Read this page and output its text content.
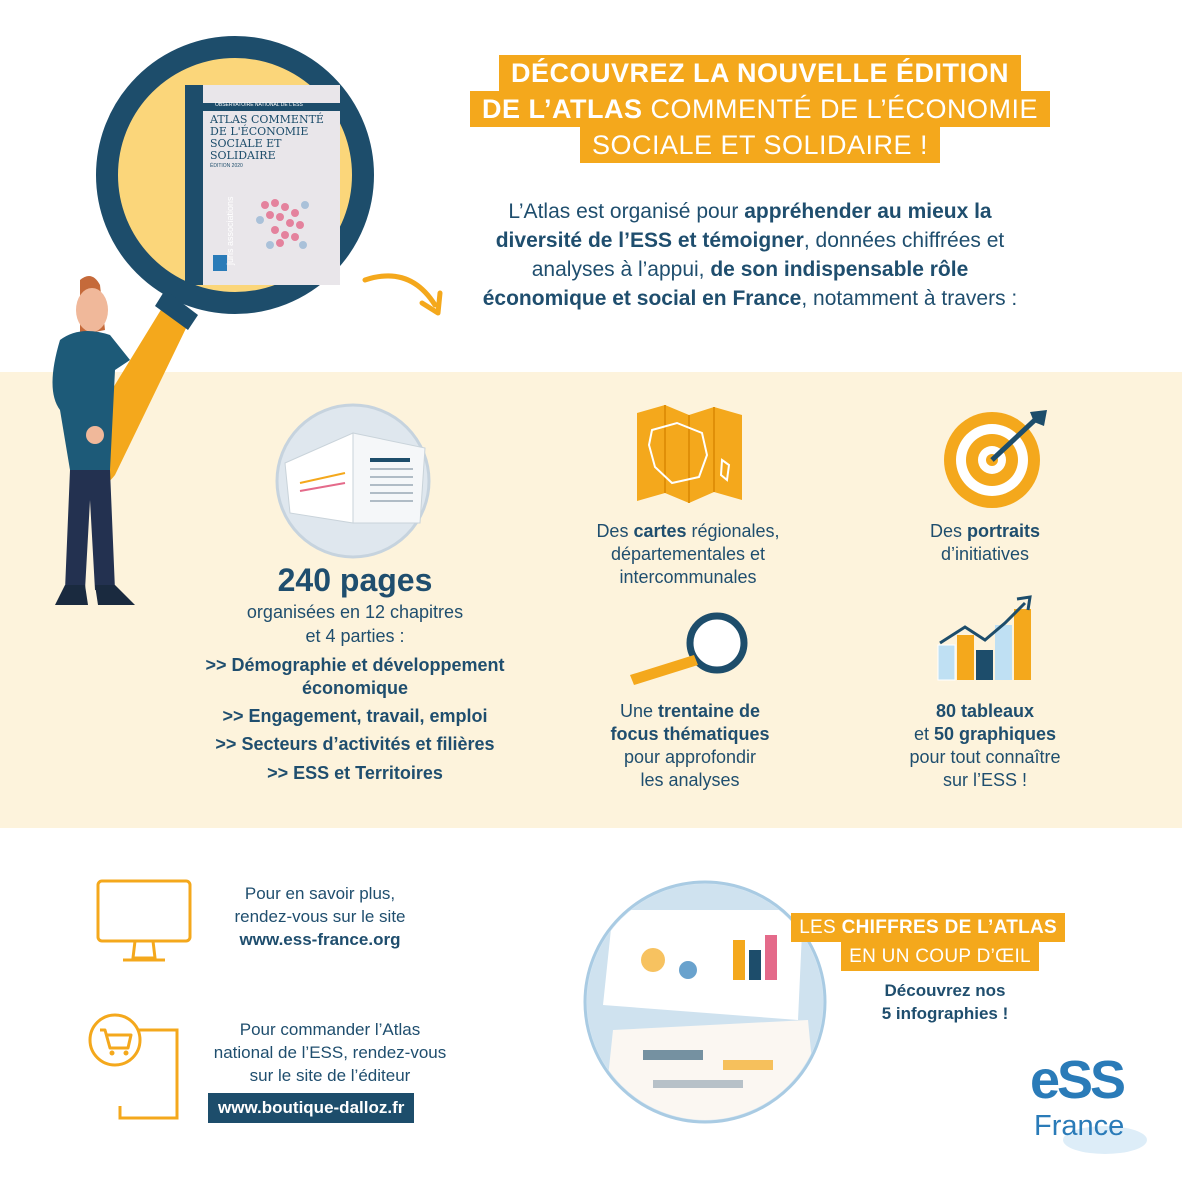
OBSERVATOIRE NATIONAL DE L'ESS
ATLAS COMMENTÉ DE L'ÉCONOMIE SOCIALE ET SOLIDAIRE
ÉDITION 2020
juris associations
DÉCOUVREZ LA NOUVELLE ÉDITION
DE L’ATLAS COMMENTÉ DE L’ÉCONOMIE
SOCIALE ET SOLIDAIRE !
L’Atlas est organisé pour appréhender au mieux la diversité de l’ESS et témoigner, données chiffrées et analyses à l’appui, de son indispensable rôle économique et social en France, notamment à travers :
240 pages
organisées en 12 chapitres
et 4 parties :
>> Démographie et développement
économique
>> Engagement, travail, emploi
>> Secteurs d’activités et filières
>> ESS et Territoires
Des cartes régionales,
départementales et
intercommunales
Des portraits
d’initiatives
Une trentaine de
focus thématiques
pour approfondir
les analyses
80 tableaux
et 50 graphiques
pour tout connaître
sur l’ESS !
Pour en savoir plus,
rendez-vous sur le site
www.ess-france.org
Pour commander l’Atlas
national de l’ESS, rendez-vous
sur le site de l’éditeur
www.boutique-dalloz.fr
LES CHIFFRES DE L’ATLAS
EN UN COUP D’ŒIL
Découvrez nos
5 infographies !
eSS
France
